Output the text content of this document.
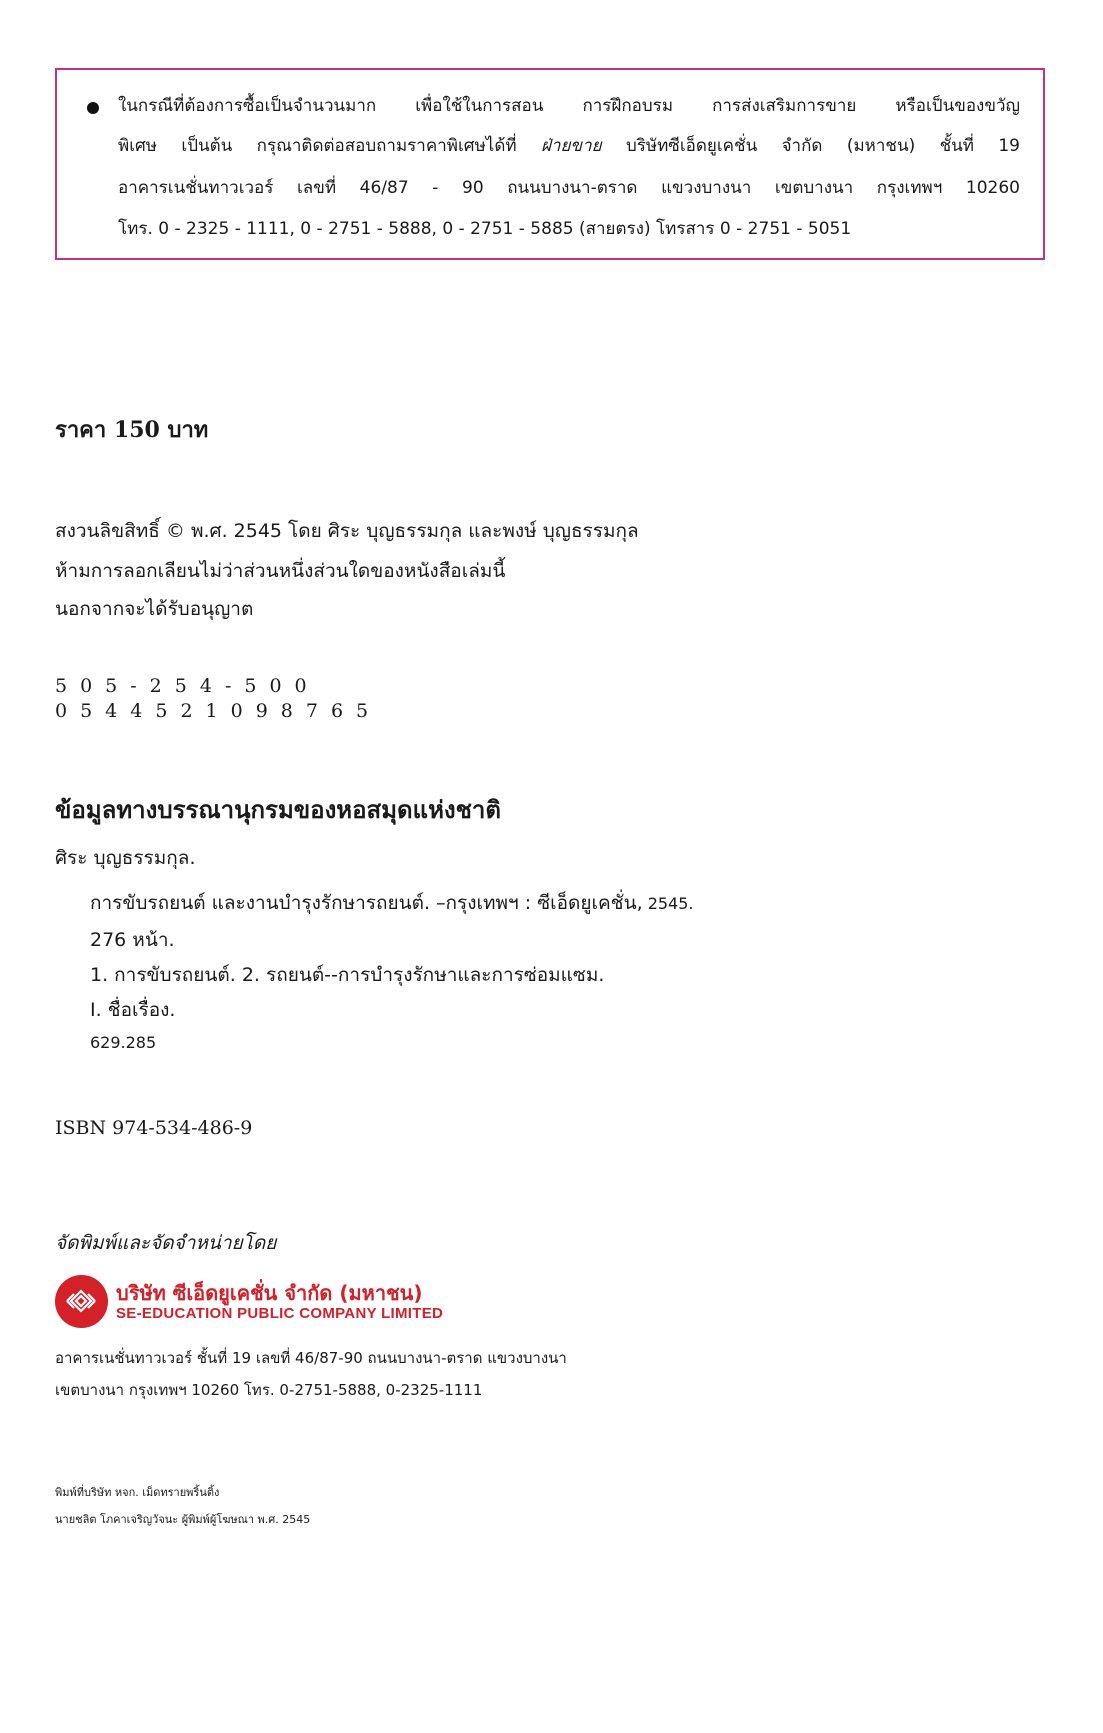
ในกรณีที่ต้องการซื้อเป็นจำนวนมาก เพื่อใช้ในการสอน การฝึกอบรม การส่งเสริมการขาย หรือเป็นของขวัญ
พิเศษ เป็นต้น กรุณาติดต่อสอบถามราคาพิเศษได้ที่ ฝ่ายขาย บริษัทซีเอ็ดยูเคชั่น จำกัด (มหาชน) ชั้นที่ 19
อาคารเนชั่นทาวเวอร์ เลขที่ 46/87 - 90 ถนนบางนา-ตราด แขวงบางนา เขตบางนา กรุงเทพฯ 10260
โทร. 0 - 2325 - 1111, 0 - 2751 - 5888, 0 - 2751 - 5885 (สายตรง) โทรสาร 0 - 2751 - 5051
ราคา 150 บาท
สงวนลิขสิทธิ์ © พ.ศ. 2545 โดย ศิระ บุญธรรมกุล และพงษ์ บุญธรรมกุล
ห้ามการลอกเลียนไม่ว่าส่วนหนึ่งส่วนใดของหนังสือเล่มนี้
นอกจากจะได้รับอนุญาต
505-254-500
0544521098765
ข้อมูลทางบรรณานุกรมของหอสมุดแห่งชาติ
ศิระ บุญธรรมกุล.
การขับรถยนต์ และงานบำรุงรักษารถยนต์. –กรุงเทพฯ : ซีเอ็ดยูเคชั่น, 2545.
276 หน้า.
1. การขับรถยนต์. 2. รถยนต์--การบำรุงรักษาและการซ่อมแซม.
I. ชื่อเรื่อง.
629.285
ISBN 974-534-486-9
จัดพิมพ์และจัดจำหน่ายโดย
บริษัท ซีเอ็ดยูเคชั่น จำกัด (มหาชน)
SE-EDUCATION PUBLIC COMPANY LIMITED
อาคารเนชั่นทาวเวอร์ ชั้นที่ 19 เลขที่ 46/87-90 ถนนบางนา-ตราด แขวงบางนา
เขตบางนา กรุงเทพฯ 10260 โทร. 0-2751-5888, 0-2325-1111
พิมพ์ที่บริษัท หจก. เม็ดทรายพริ้นติ้ง
นายชลิต โภคาเจริญวัจนะ ผู้พิมพ์ผู้โฆษณา พ.ศ. 2545
